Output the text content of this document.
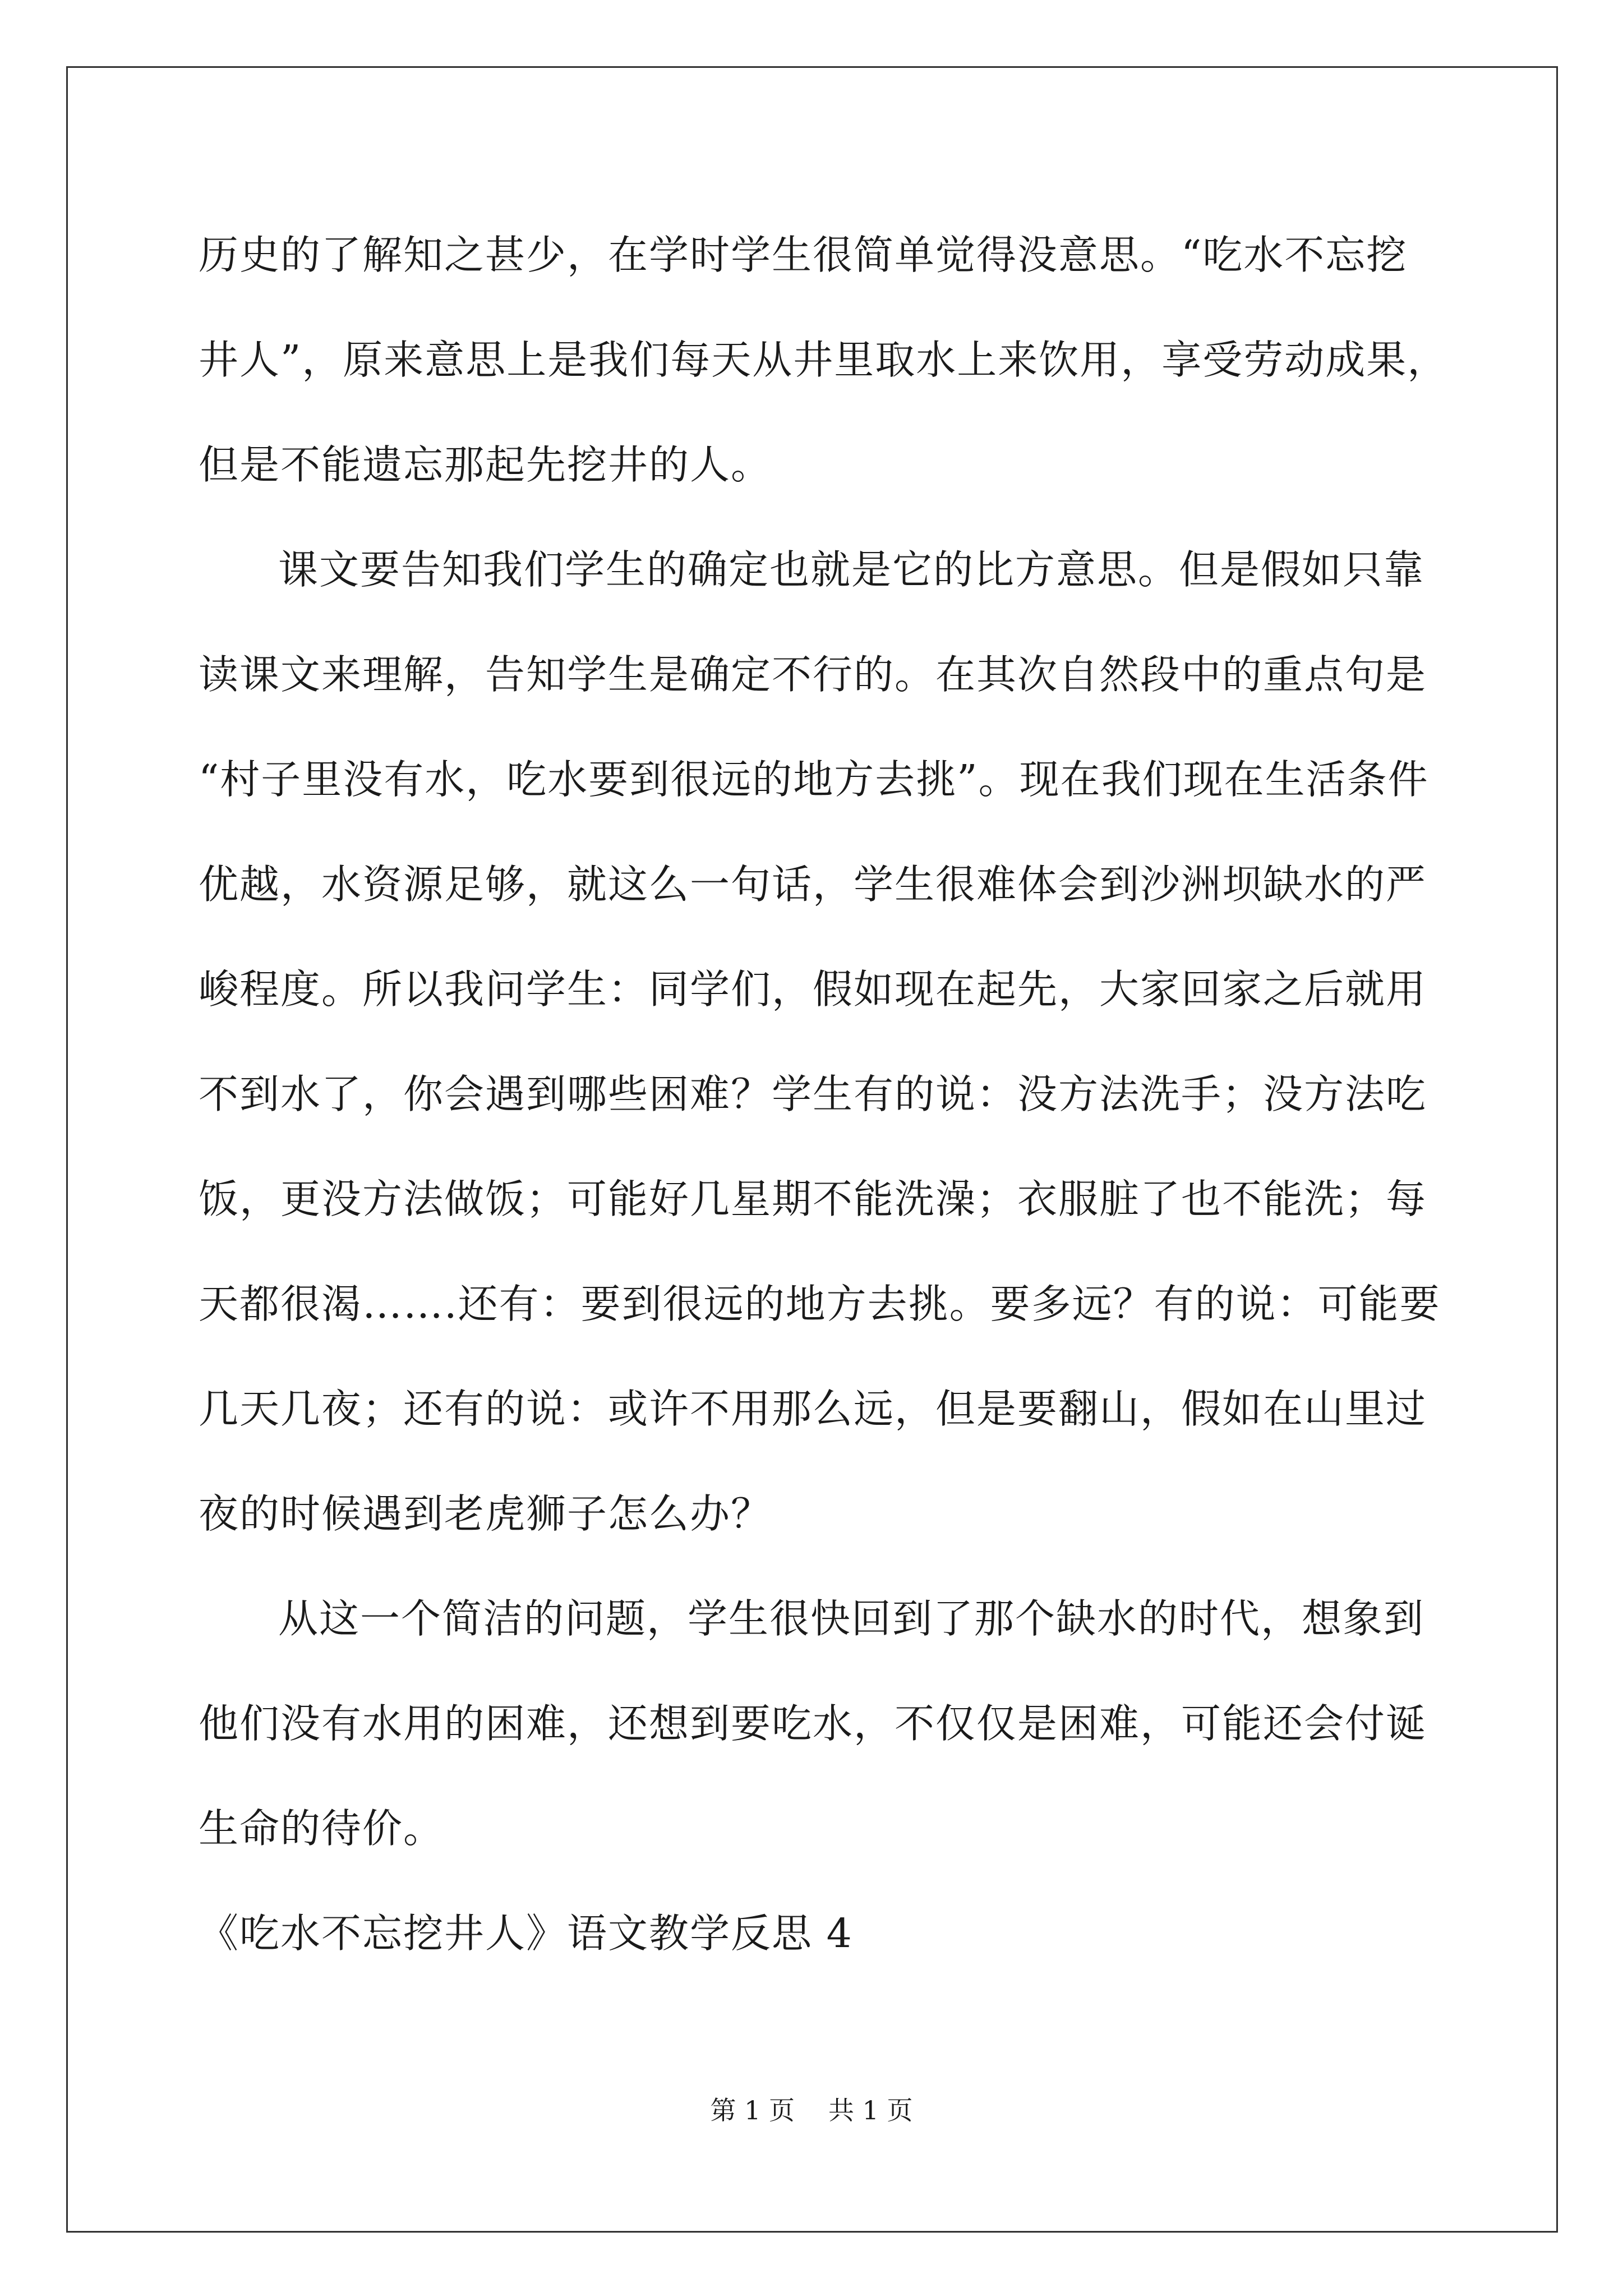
历史的了解知之甚少，在学时学生很简单觉得没意思。“吃水不忘挖

井人”，原来意思上是我们每天从井里取水上来饮用，享受劳动成果，

但是不能遗忘那起先挖井的人。

课文要告知我们学生的确定也就是它的比方意思。但是假如只靠

读课文来理解，告知学生是确定不行的。在其次自然段中的重点句是

“村子里没有水，吃水要到很远的地方去挑”。现在我们现在生活条件

优越，水资源足够，就这么一句话，学生很难体会到沙洲坝缺水的严

峻程度。所以我问学生：同学们，假如现在起先，大家回家之后就用

不到水了，你会遇到哪些困难？学生有的说：没方法洗手；没方法吃

饭，更没方法做饭；可能好几星期不能洗澡；衣服脏了也不能洗；每

天都很渴…….还有：要到很远的地方去挑。要多远？有的说：可能要

几天几夜；还有的说：或许不用那么远，但是要翻山，假如在山里过

夜的时候遇到老虎狮子怎么办？

从这一个简洁的问题，学生很快回到了那个缺水的时代，想象到

他们没有水用的困难，还想到要吃水，不仅仅是困难，可能还会付诞

生命的待价。

《吃水不忘挖井人》语文教学反思 4

第 1 页 共 1 页
